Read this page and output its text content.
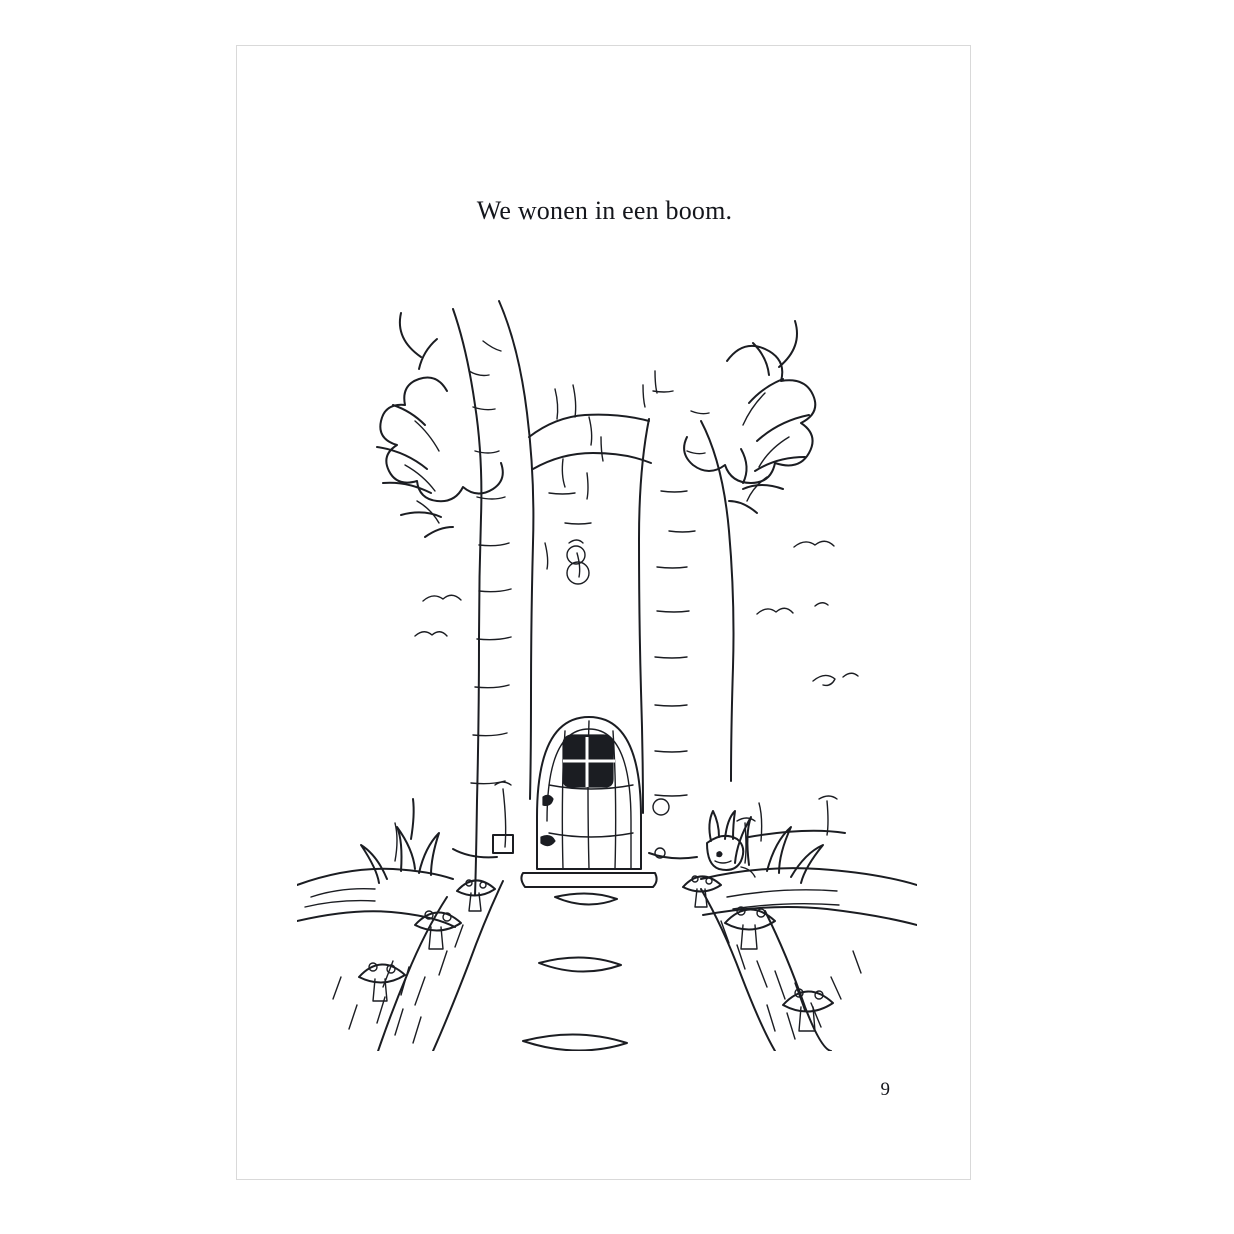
We wonen in een boom.
9
